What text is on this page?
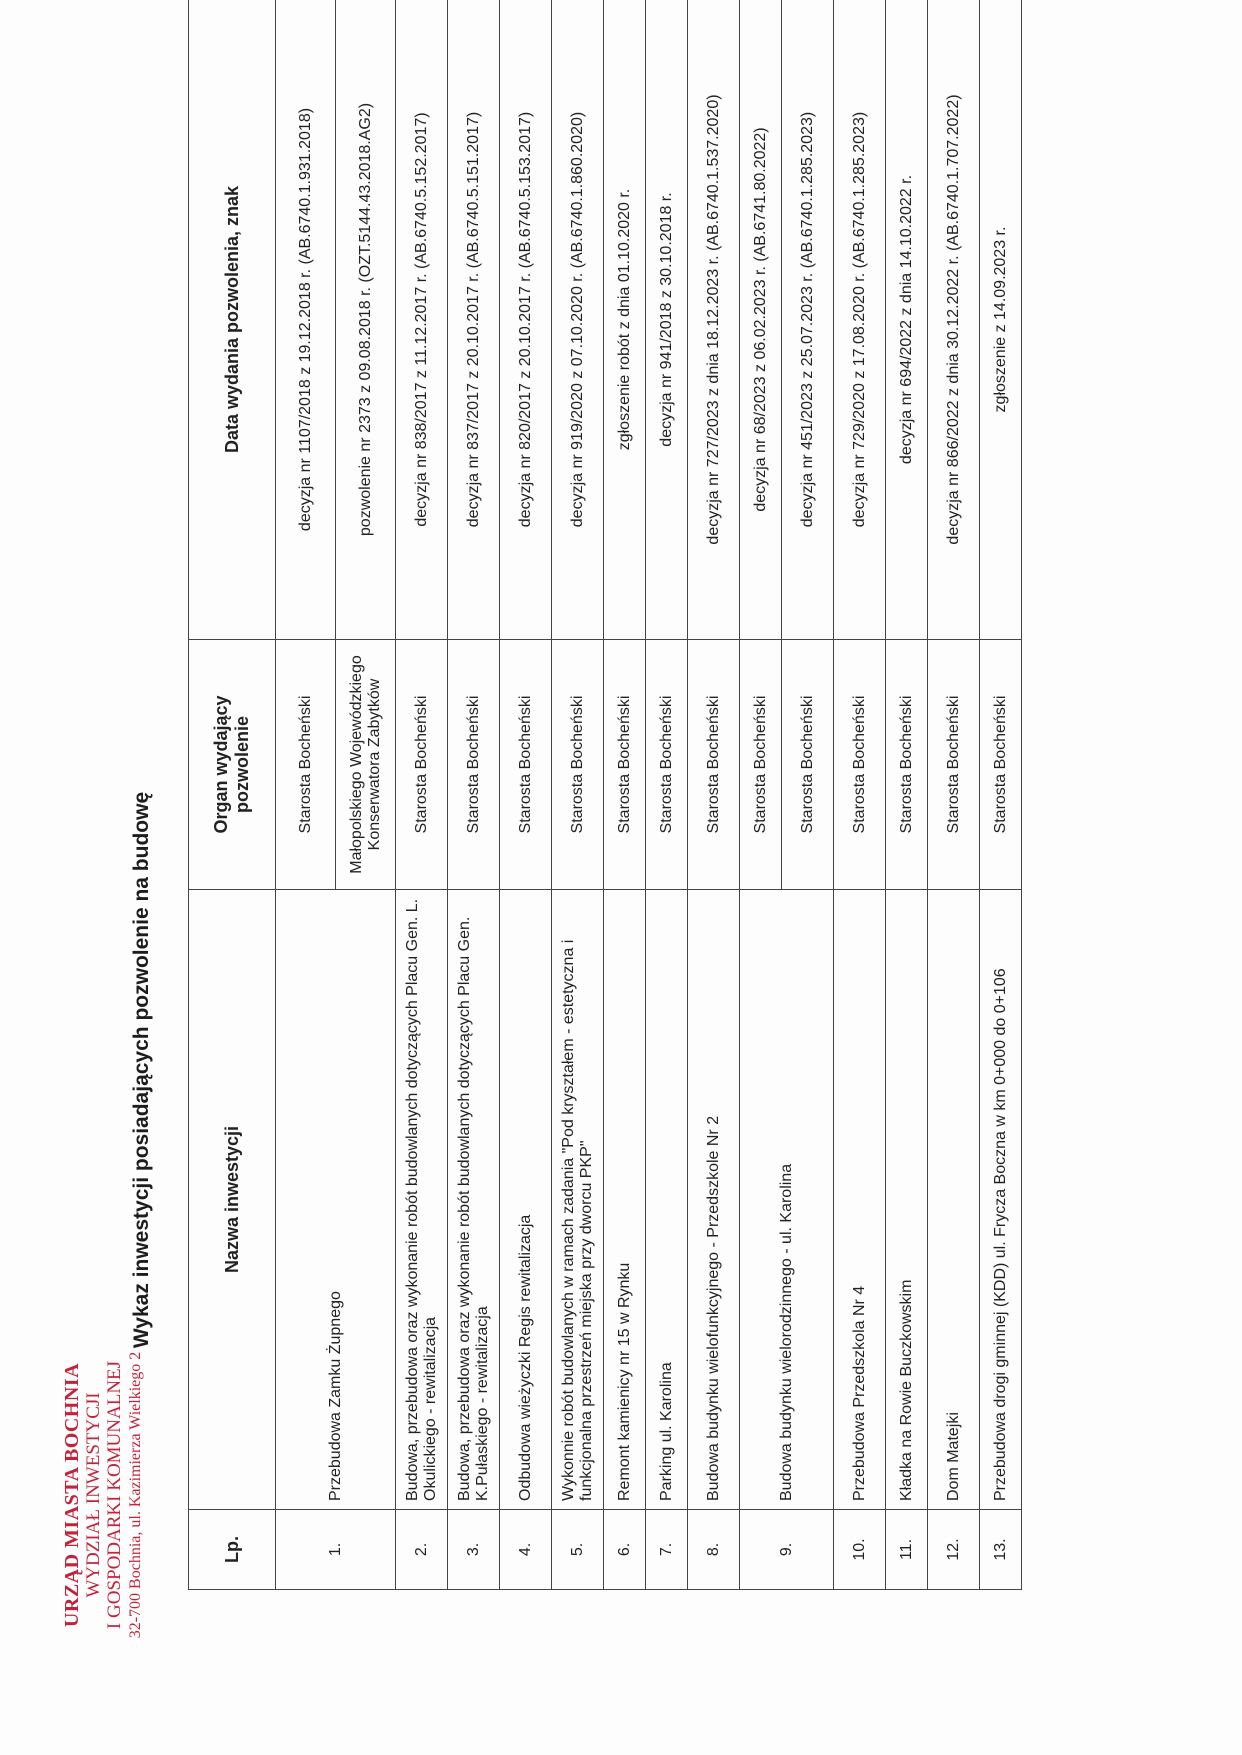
URZĄD MIASTA BOCHNIA WYDZIAŁ INWESTYCJI I GOSPODARKI KOMUNALNEJ 32-700 Bochnia, ul. Kazimierza Wielkiego 2
Wykaz inwestycji posiadających pozwolenie na budowę
Lp.	Nazwa inwestycji	Organ wydający pozwolenie	Data wydania pozwolenia, znak
1.	Przebudowa Zamku Żupnego	Starosta Bocheński	decyzja nr 1107/2018 z 19.12.2018 r. (AB.6740.1.931.2018)
		Małopolskiego Wojewódzkiego Konserwatora Zabytków	pozwolenie nr 2373 z 09.08.2018 r. (OZT.5144.43.2018.AG2)
2.	Budowa, przebudowa oraz wykonanie robót budowlanych dotyczących Placu Gen. L. Okulickiego - rewitalizacja	Starosta Bocheński	decyzja nr 838/2017 z 11.12.2017 r. (AB.6740.5.152.2017)
3.	Budowa, przebudowa oraz wykonanie robót budowlanych dotyczących Placu Gen. K.Pułaskiego - rewitalizacja	Starosta Bocheński	decyzja nr 837/2017 z 20.10.2017 r. (AB.6740.5.151.2017)
4.	Odbudowa wieżyczki Regis rewitalizacja	Starosta Bocheński	decyzja nr 820/2017 z 20.10.2017 r. (AB.6740.5.153.2017)
5.	Wykonnie robót budowlanych w ramach zadania "Pod kryształem - estetyczna i funkcjonalna przestrzeń miejska przy dworcu PKP"	Starosta Bocheński	decyzja nr 919/2020 z 07.10.2020 r. (AB.6740.1.860.2020)
6.	Remont kamienicy nr 15 w Rynku	Starosta Bocheński	zgłoszenie robót z dnia 01.10.2020 r.
7.	Parking ul. Karolina	Starosta Bocheński	decyzja nr 941/2018 z 30.10.2018 r.
8.	Budowa budynku wielofunkcyjnego - Przedszkole Nr 2	Starosta Bocheński	decyzja nr 727/2023 z dnia 18.12.2023 r. (AB.6740.1.537.2020)
9.	Budowa budynku wielorodzinnego - ul. Karolina	Starosta Bocheński	decyzja nr 68/2023 z 06.02.2023 r. (AB.6741.80.2022)
		Starosta Bocheński	decyzja nr 451/2023 z 25.07.2023 r. (AB.6740.1.285.2023)
10.	Przebudowa Przedszkola Nr 4	Starosta Bocheński	decyzja nr 729/2020 z 17.08.2020 r. (AB.6740.1.285.2023)
11.	Kładka na Rowie Buczkowskim	Starosta Bocheński	decyzja nr 694/2022 z dnia 14.10.2022 r.
12.	Dom Matejki	Starosta Bocheński	decyzja nr 866/2022 z dnia 30.12.2022 r. (AB.6740.1.707.2022)
13.	Przebudowa drogi gminnej (KDD) ul. Frycza Boczna w km 0+000 do 0+106	Starosta Bocheński	zgłoszenie z 14.09.2023 r.
